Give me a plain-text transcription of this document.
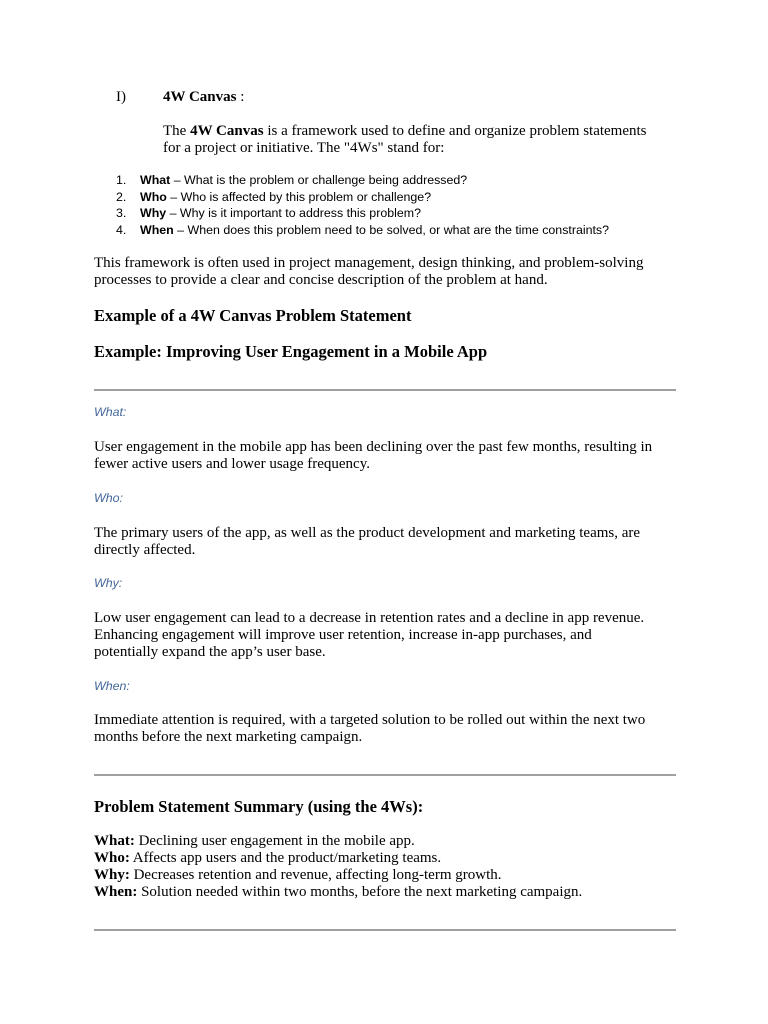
I) 4W Canvas :
The 4W Canvas is a framework used to define and organize problem statements
for a project or initiative. The "4Ws" stand for:
1. What – What is the problem or challenge being addressed?
2. Who – Who is affected by this problem or challenge?
3. Why – Why is it important to address this problem?
4. When – When does this problem need to be solved, or what are the time constraints?
This framework is often used in project management, design thinking, and problem-solving
processes to provide a clear and concise description of the problem at hand.
Example of a 4W Canvas Problem Statement
Example: Improving User Engagement in a Mobile App
What:
User engagement in the mobile app has been declining over the past few months, resulting in
fewer active users and lower usage frequency.
Who:
The primary users of the app, as well as the product development and marketing teams, are
directly affected.
Why:
Low user engagement can lead to a decrease in retention rates and a decline in app revenue.
Enhancing engagement will improve user retention, increase in-app purchases, and
potentially expand the app’s user base.
When:
Immediate attention is required, with a targeted solution to be rolled out within the next two
months before the next marketing campaign.
Problem Statement Summary (using the 4Ws):
What: Declining user engagement in the mobile app.
Who: Affects app users and the product/marketing teams.
Why: Decreases retention and revenue, affecting long-term growth.
When: Solution needed within two months, before the next marketing campaign.
